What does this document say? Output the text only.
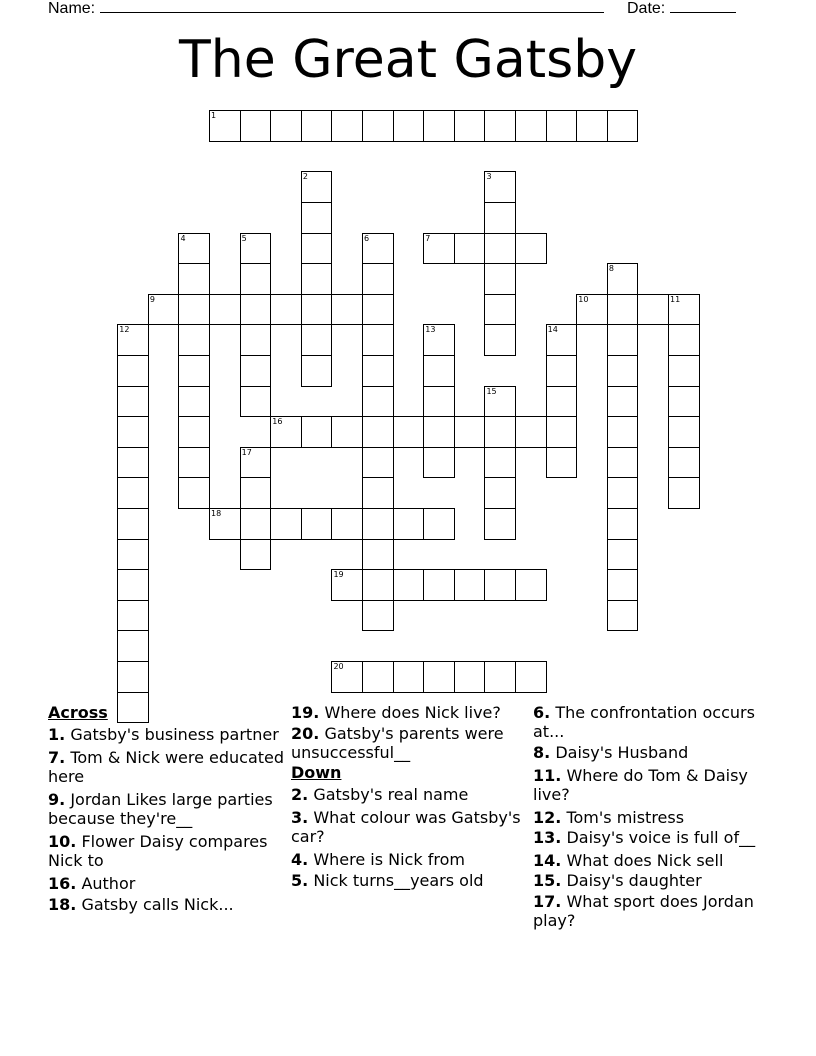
Name:	Date:
The Great Gatsby
1
2	3
4	5	6	7
8
9	10	11
12	13	14
15
16
17
18
19
20
Across
1. Gatsby's business partner
7. Tom & Nick were educated here
9. Jordan Likes large parties because they're__
10. Flower Daisy compares Nick to
16. Author
18. Gatsby calls Nick...
19. Where does Nick live?
20. Gatsby's parents were unsuccessful__
Down
2. Gatsby's real name
3. What colour was Gatsby's car?
4. Where is Nick from
5. Nick turns__years old
6. The confrontation occurs at...
8. Daisy's Husband
11. Where do Tom & Daisy live?
12. Tom's mistress
13. Daisy's voice is full of__
14. What does Nick sell
15. Daisy's daughter
17. What sport does Jordan play?
